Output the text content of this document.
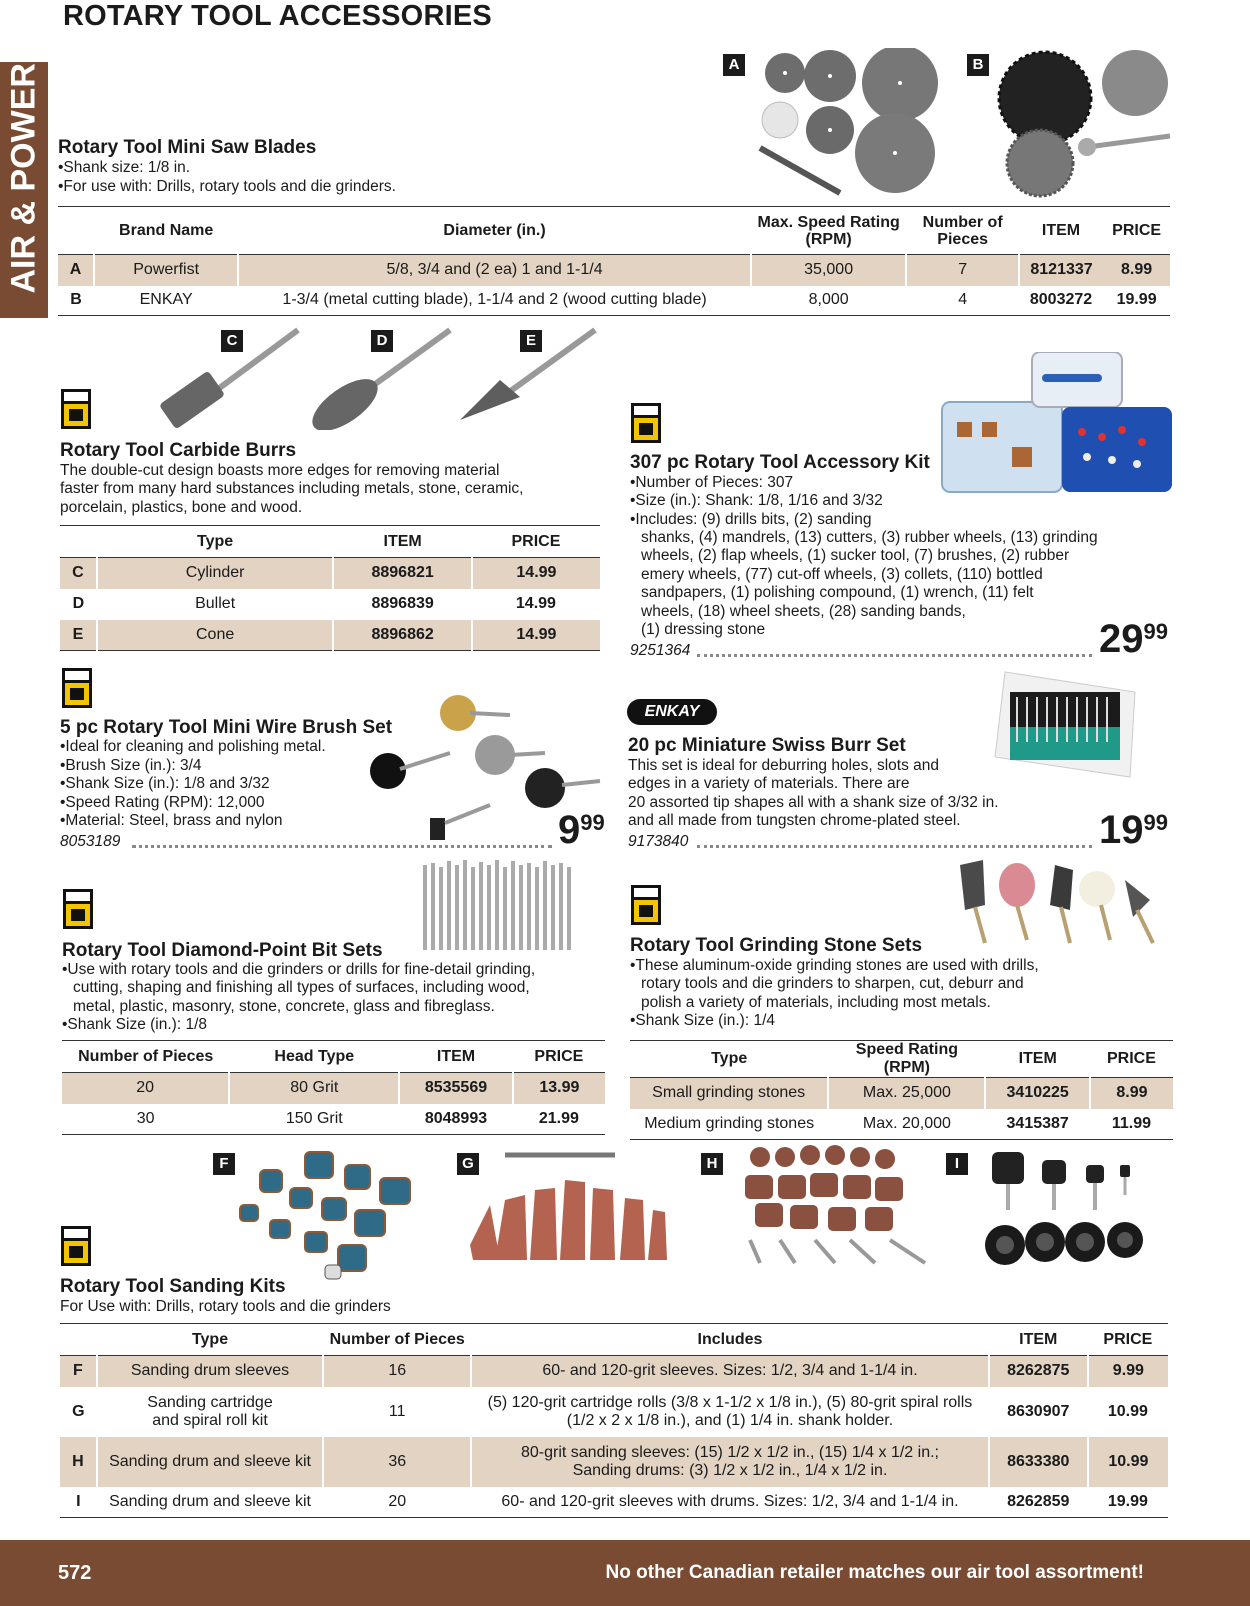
ROTARY TOOL ACCESSORIES
AIR & POWER	A	B
Rotary Tool Mini Saw Blades
•Shank size: 1/8 in.
•For use with: Drills, rotary tools and die grinders.
	Brand Name	Diameter (in.)	Max. Speed Rating (RPM)	Number of Pieces	ITEM	PRICE
A	Powerfist	5/8, 3/4 and (2 ea) 1 and 1-1/4	35,000	7	8121337	8.99
B	ENKAY	1-3/4 (metal cutting blade), 1-1/4 and 2 (wood cutting blade)	8,000	4	8003272	19.99
C	D	E
Rotary Tool Carbide Burrs
The double-cut design boasts more edges for removing material faster from many hard substances including metals, stone, ceramic, porcelain, plastics, bone and wood.
	Type	ITEM	PRICE
C	Cylinder	8896821	14.99
D	Bullet	8896839	14.99
E	Cone	8896862	14.99
307 pc Rotary Tool Accessory Kit
•Number of Pieces: 307
•Size (in.): Shank: 1/8, 1/16 and 3/32
•Includes: (9) drills bits, (2) sanding
shanks, (4) mandrels, (13) cutters, (3) rubber wheels, (13) grinding
wheels, (2) flap wheels, (1) sucker tool, (7) brushes, (2) rubber
emery wheels, (77) cut-off wheels, (3) collets, (110) bottled
sandpapers, (1) polishing compound, (1) wrench, (11) felt
wheels, (18) wheel sheets, (28) sanding bands,
(1) dressing stone
9251364	2999
5 pc Rotary Tool Mini Wire Brush Set
•Ideal for cleaning and polishing metal.
•Brush Size (in.): 3/4
•Shank Size (in.): 1/8 and 3/32
•Speed Rating (RPM): 12,000
•Material: Steel, brass and nylon
8053189	999
ENKAY
20 pc Miniature Swiss Burr Set
This set is ideal for deburring holes, slots and
edges in a variety of materials. There are
20 assorted tip shapes all with a shank size of 3/32 in.
and all made from tungsten chrome-plated steel.
9173840	1999
Rotary Tool Diamond-Point Bit Sets
•Use with rotary tools and die grinders or drills for fine-detail grinding,
cutting, shaping and finishing all types of surfaces, including wood,
metal, plastic, masonry, stone, concrete, glass and fibreglass.
•Shank Size (in.): 1/8
Number of Pieces	Head Type	ITEM	PRICE
20	80 Grit	8535569	13.99
30	150 Grit	8048993	21.99
Rotary Tool Grinding Stone Sets
•These aluminum-oxide grinding stones are used with drills,
rotary tools and die grinders to sharpen, cut, deburr and
polish a variety of materials, including most metals.
•Shank Size (in.): 1/4
Type	Speed Rating (RPM)	ITEM	PRICE
Small grinding stones	Max. 25,000	3410225	8.99
Medium grinding stones	Max. 20,000	3415387	11.99
F	G	H	I
Rotary Tool Sanding Kits
For Use with: Drills, rotary tools and die grinders
	Type	Number of Pieces	Includes	ITEM	PRICE
F	Sanding drum sleeves	16	60- and 120-grit sleeves. Sizes: 1/2, 3/4 and 1-1/4 in.	8262875	9.99
G	Sanding cartridge and spiral roll kit	11	(5) 120-grit cartridge rolls (3/8 x 1-1/2 x 1/8 in.), (5) 80-grit spiral rolls (1/2 x 2 x 1/8 in.), and (1) 1/4 in. shank holder.	8630907	10.99
H	Sanding drum and sleeve kit	36	80-grit sanding sleeves: (15) 1/2 x 1/2 in., (15) 1/4 x 1/2 in.; Sanding drums: (3) 1/2 x 1/2 in., 1/4 x 1/2 in.	8633380	10.99
I	Sanding drum and sleeve kit	20	60- and 120-grit sleeves with drums. Sizes: 1/2, 3/4 and 1-1/4 in.	8262859	19.99
572	No other Canadian retailer matches our air tool assortment!
